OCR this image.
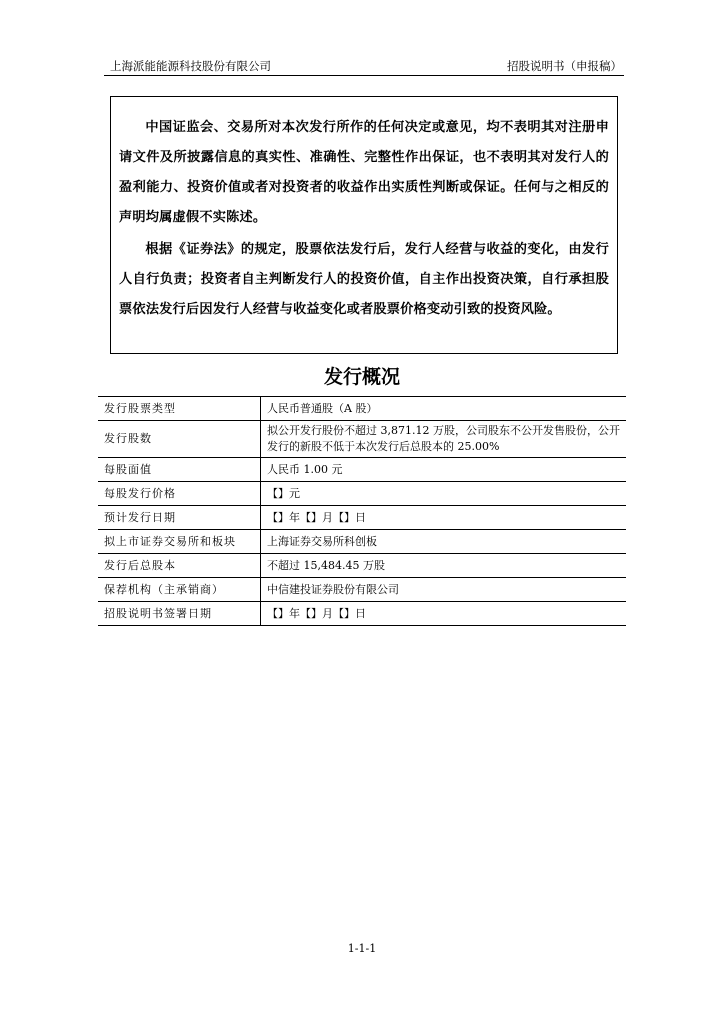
上海派能能源科技股份有限公司	招股说明书（申报稿）

中国证监会、交易所对本次发行所作的任何决定或意见，均不表明其对注册申请文件及所披露信息的真实性、准确性、完整性作出保证，也不表明其对发行人的盈利能力、投资价值或者对投资者的收益作出实质性判断或保证。任何与之相反的声明均属虚假不实陈述。

根据《证券法》的规定，股票依法发行后，发行人经营与收益的变化，由发行人自行负责；投资者自主判断发行人的投资价值，自主作出投资决策，自行承担股票依法发行后因发行人经营与收益变化或者股票价格变动引致的投资风险。

发行概况
发行股票类型	人民币普通股（A 股）
发行股数	拟公开发行股份不超过 3,871.12 万股，公司股东不公开发售股份，公开发行的新股不低于本次发行后总股本的 25.00%
每股面值	人民币 1.00 元
每股发行价格	【】元
预计发行日期	【】年【】月【】日
拟上市证券交易所和板块	上海证券交易所科创板
发行后总股本	不超过 15,484.45 万股
保荐机构（主承销商）	中信建投证券股份有限公司
招股说明书签署日期	【】年【】月【】日
1-1-1
